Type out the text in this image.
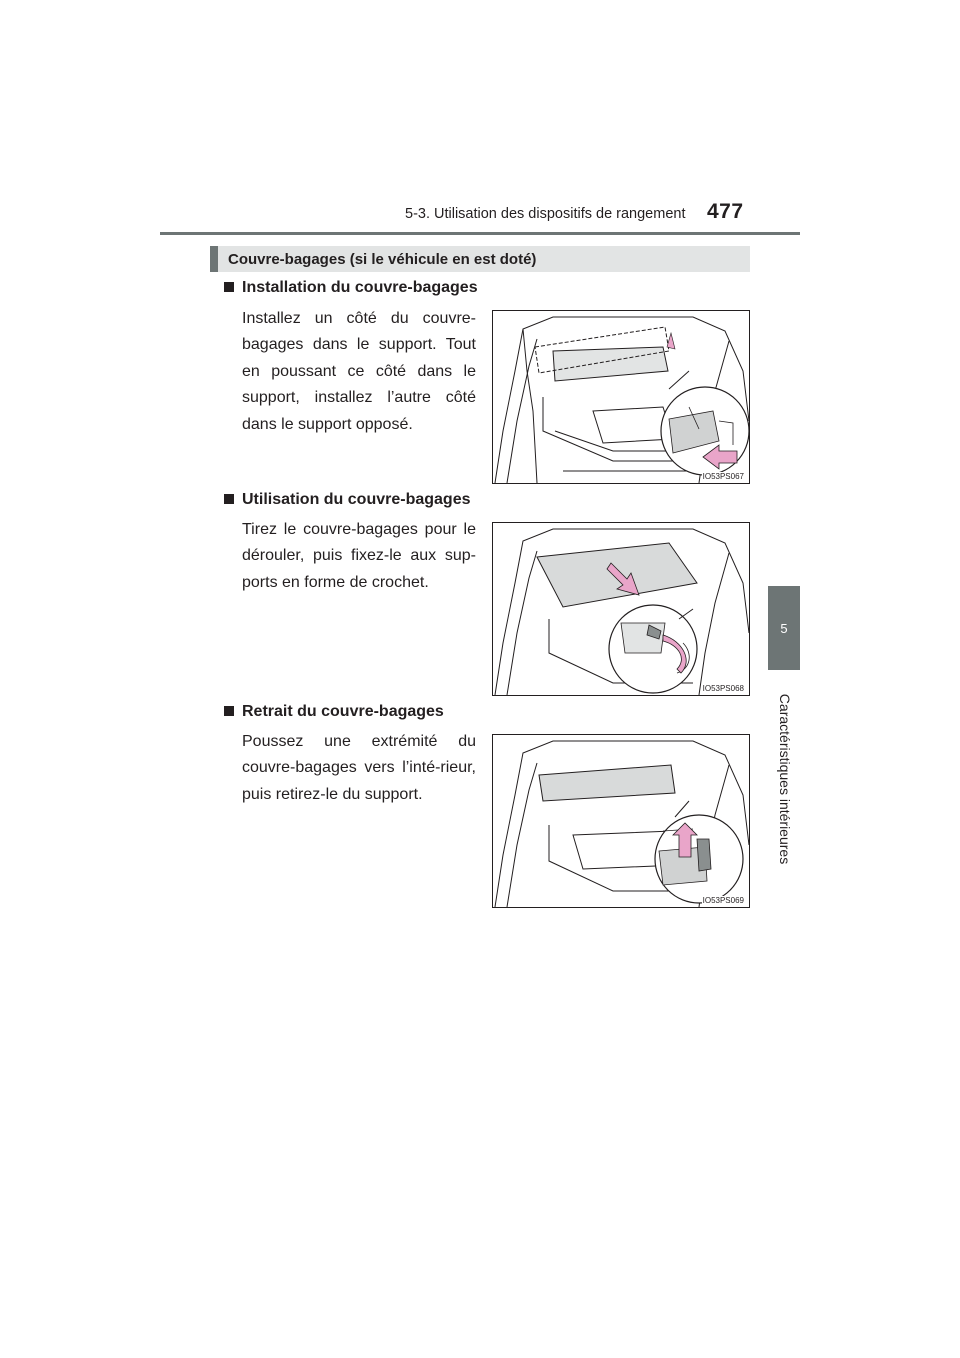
5-3. Utilisation des dispositifs de rangement 477
5
Caractéristiques intérieures
Couvre-bagages (si le véhicule en est doté)
Installation du couvre-bagages
Installez un côté du couvre-bagages dans le support. Tout en poussant ce côté dans le support, installez l’autre côté dans le support opposé.
IO53PS067
Utilisation du couvre-bagages
Tirez le couvre-bagages pour le dérouler, puis fixez-le aux sup-ports en forme de crochet.
IO53PS068
Retrait du couvre-bagages
Poussez une extrémité du couvre-bagages vers l’inté-rieur, puis retirez-le du support.
IO53PS069
